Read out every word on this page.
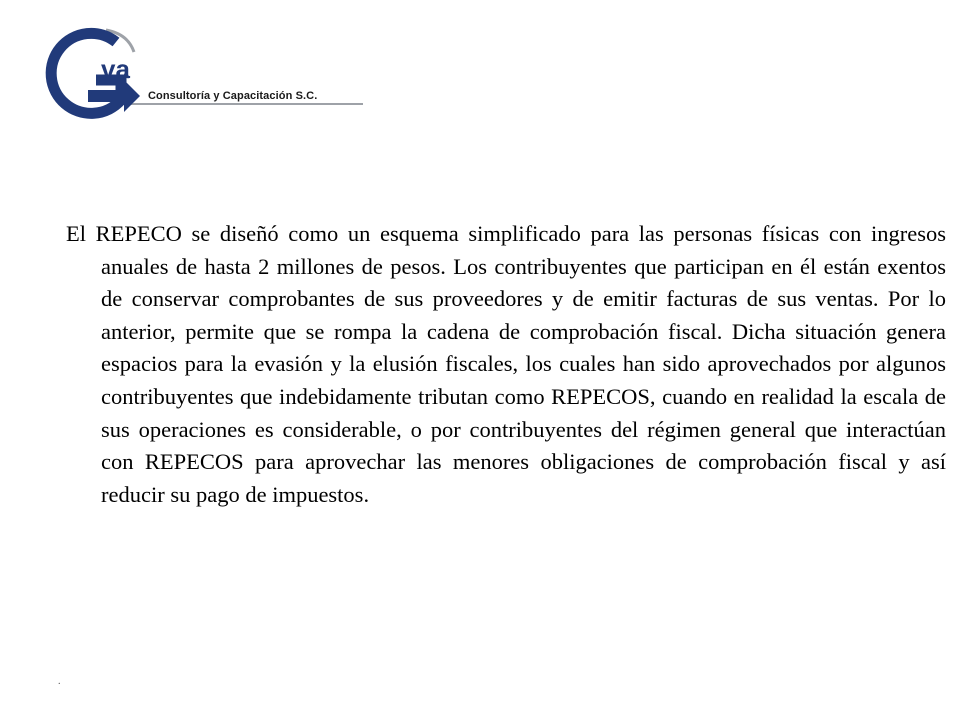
va
Consultoría y Capacitación S.C.

El REPECO se diseñó como un esquema simplificado para las personas físicas con ingresos anuales de hasta 2 millones de pesos. Los contribuyentes que participan en él están exentos de conservar comprobantes de sus proveedores y de emitir facturas de sus ventas. Por lo anterior, permite que se rompa la cadena de comprobación fiscal. Dicha situación genera espacios para la evasión y la elusión fiscales, los cuales han sido aprovechados por algunos contribuyentes que indebidamente tributan como REPECOS, cuando en realidad la escala de sus operaciones es considerable, o por contribuyentes del régimen general que interactúan con REPECOS para aprovechar las menores obligaciones de comprobación fiscal y así reducir su pago de impuestos.

.
